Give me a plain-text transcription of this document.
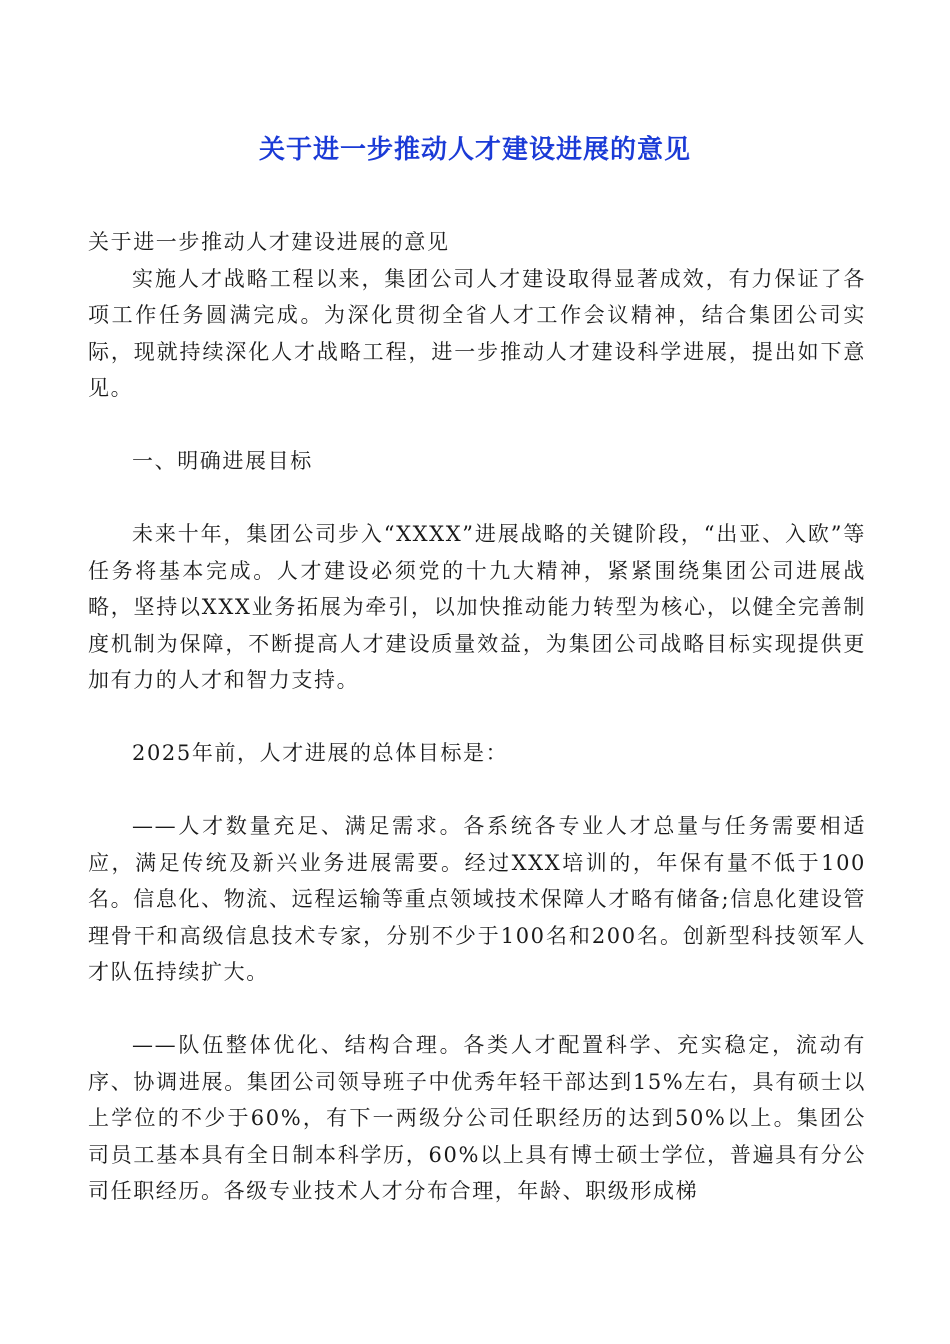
关于进一步推动人才建设进展的意见

关于进一步推动人才建设进展的意见

实施人才战略工程以来，集团公司人才建设取得显著成效，有力保证了各项工作任务圆满完成。为深化贯彻全省人才工作会议精神，结合集团公司实际，现就持续深化人才战略工程，进一步推动人才建设科学进展，提出如下意见。

一、明确进展目标

未来十年，集团公司步入“XXXX”进展战略的关键阶段，“出亚、入欧”等任务将基本完成。人才建设必须党的十九大精神，紧紧围绕集团公司进展战略，坚持以XXX业务拓展为牵引，以加快推动能力转型为核心，以健全完善制度机制为保障，不断提高人才建设质量效益，为集团公司战略目标实现提供更加有力的人才和智力支持。

2025年前，人才进展的总体目标是：

——人才数量充足、满足需求。各系统各专业人才总量与任务需要相适应，满足传统及新兴业务进展需要。经过XXX培训的，年保有量不低于100名。信息化、物流、远程运输等重点领域技术保障人才略有储备;信息化建设管理骨干和高级信息技术专家，分别不少于100名和200名。创新型科技领军人才队伍持续扩大。

——队伍整体优化、结构合理。各类人才配置科学、充实稳定，流动有序、协调进展。集团公司领导班子中优秀年轻干部达到15%左右，具有硕士以上学位的不少于60%，有下一两级分公司任职经历的达到50%以上。集团公司员工基本具有全日制本科学历，60%以上具有博士硕士学位，普遍具有分公司任职经历。各级专业技术人才分布合理，年龄、职级形成梯
